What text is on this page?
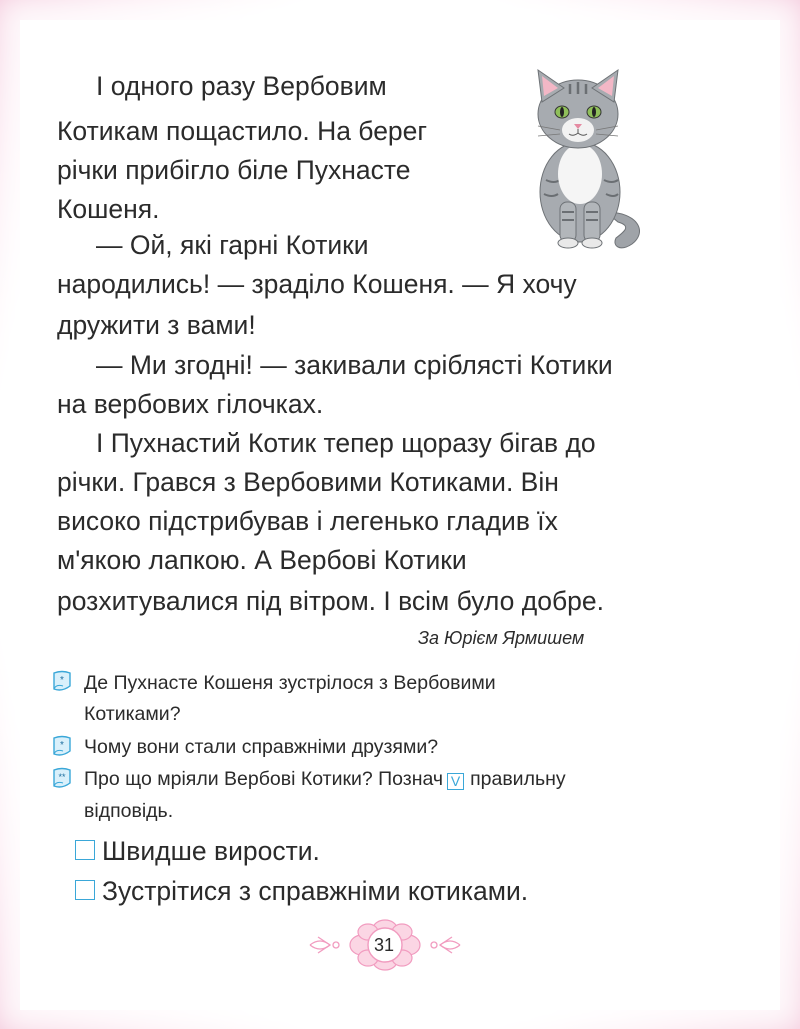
І одного разу Вербовим
Котикам пощастило. На берег
річки прибігло біле Пухнасте
Кошеня.
— Ой, які гарні Котики
народились! — зраділо Кошеня. — Я хочу
дружити з вами!
— Ми згодні! — закивали сріблясті Котики
на вербових гілочках.
І Пухнастий Котик тепер щоразу бігав до
річки. Грався з Вербовими Котиками. Він
високо підстрибував і легенько гладив їх
м'якою лапкою. А Вербові Котики
розхитувалися під вітром. І всім було добре.
За Юрієм Ярмишем
* Де Пухнасте Кошеня зустрілося з Вербовими
Котиками?
* Чому вони стали справжніми друзями?
** Про що мріяли Вербові Котики? Познач V правильну
відповідь.
Швидше вирости.
Зустрітися з справжніми котиками.
31
